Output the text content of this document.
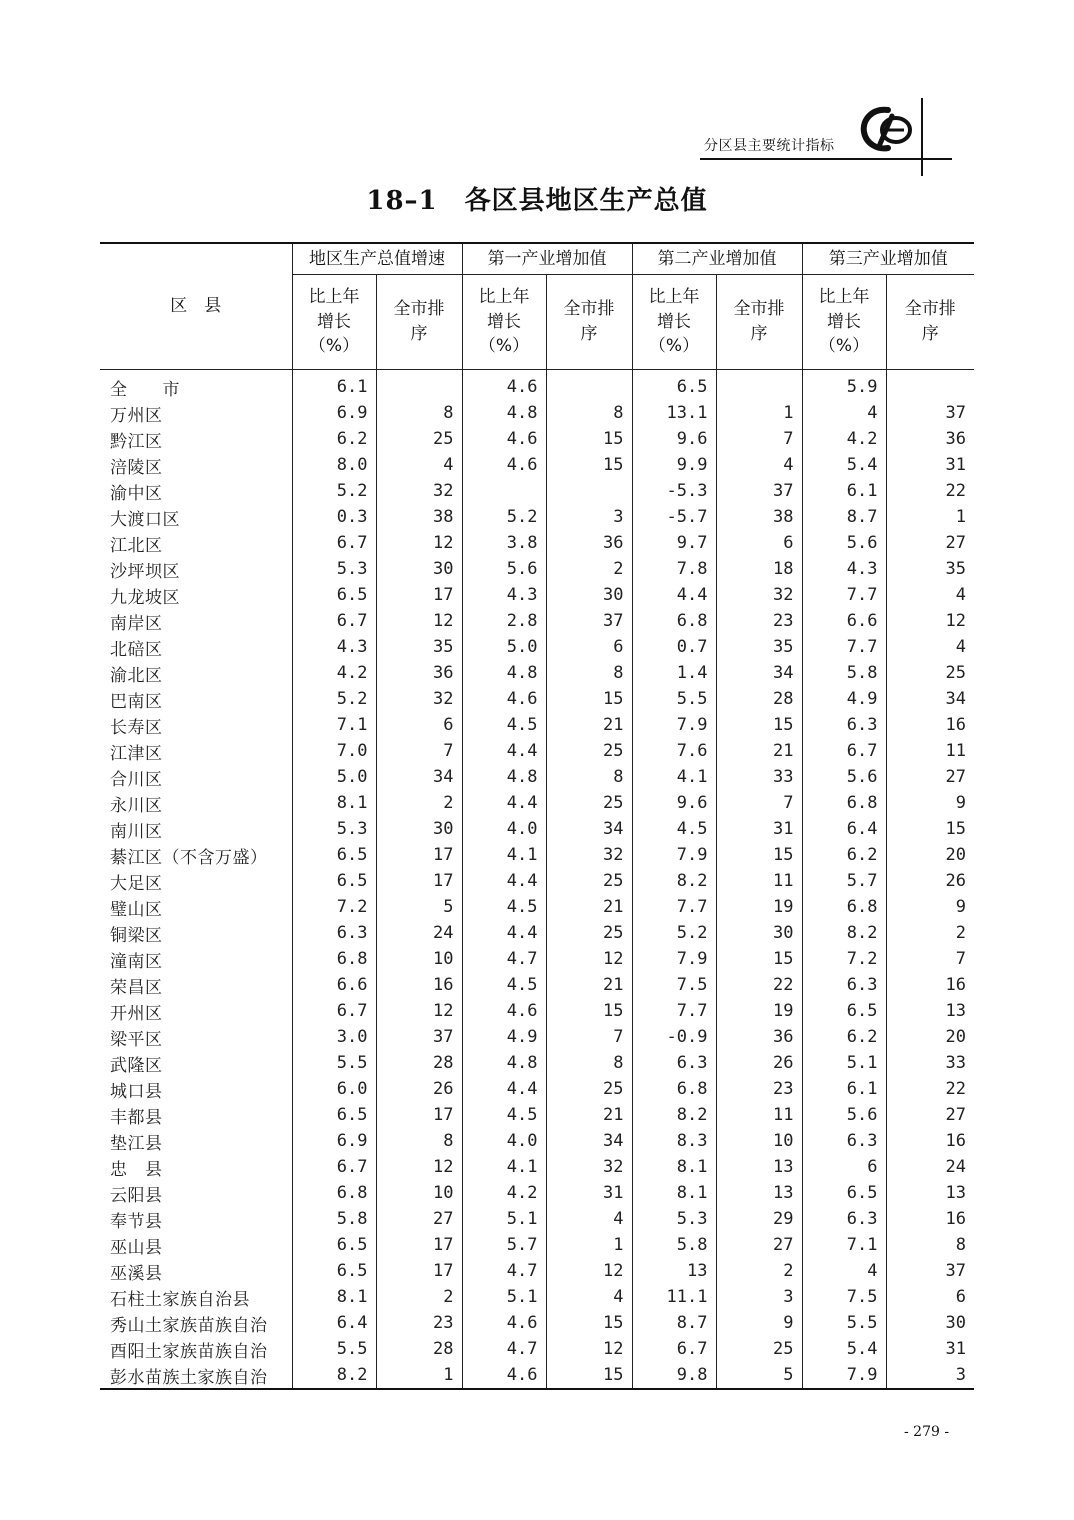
分区县主要统计指标
18–1　各区县地区生产总值
区　县	地区生产总值增速		第一产业增加值		第二产业增加值		第三产业增加值	
	比上年
增长
（%）	全市排
序	比上年
增长
（%）	全市排
序	比上年
增长
（%）	全市排
序	比上年
增长
（%）	全市排
序
全　　市	6.1		4.6		6.5		5.9	
万州区	6.9	8	4.8	8	13.1	1	4	37
黔江区	6.2	25	4.6	15	9.6	7	4.2	36
涪陵区	8.0	4	4.6	15	9.9	4	5.4	31
渝中区	5.2	32			-5.3	37	6.1	22
大渡口区	0.3	38	5.2	3	-5.7	38	8.7	1
江北区	6.7	12	3.8	36	9.7	6	5.6	27
沙坪坝区	5.3	30	5.6	2	7.8	18	4.3	35
九龙坡区	6.5	17	4.3	30	4.4	32	7.7	4
南岸区	6.7	12	2.8	37	6.8	23	6.6	12
北碚区	4.3	35	5.0	6	0.7	35	7.7	4
渝北区	4.2	36	4.8	8	1.4	34	5.8	25
巴南区	5.2	32	4.6	15	5.5	28	4.9	34
长寿区	7.1	6	4.5	21	7.9	15	6.3	16
江津区	7.0	7	4.4	25	7.6	21	6.7	11
合川区	5.0	34	4.8	8	4.1	33	5.6	27
永川区	8.1	2	4.4	25	9.6	7	6.8	9
南川区	5.3	30	4.0	34	4.5	31	6.4	15
綦江区（不含万盛）	6.5	17	4.1	32	7.9	15	6.2	20
大足区	6.5	17	4.4	25	8.2	11	5.7	26
璧山区	7.2	5	4.5	21	7.7	19	6.8	9
铜梁区	6.3	24	4.4	25	5.2	30	8.2	2
潼南区	6.8	10	4.7	12	7.9	15	7.2	7
荣昌区	6.6	16	4.5	21	7.5	22	6.3	16
开州区	6.7	12	4.6	15	7.7	19	6.5	13
梁平区	3.0	37	4.9	7	-0.9	36	6.2	20
武隆区	5.5	28	4.8	8	6.3	26	5.1	33
城口县	6.0	26	4.4	25	6.8	23	6.1	22
丰都县	6.5	17	4.5	21	8.2	11	5.6	27
垫江县	6.9	8	4.0	34	8.3	10	6.3	16
忠　县	6.7	12	4.1	32	8.1	13	6	24
云阳县	6.8	10	4.2	31	8.1	13	6.5	13
奉节县	5.8	27	5.1	4	5.3	29	6.3	16
巫山县	6.5	17	5.7	1	5.8	27	7.1	8
巫溪县	6.5	17	4.7	12	13	2	4	37
石柱土家族自治县	8.1	2	5.1	4	11.1	3	7.5	6
秀山土家族苗族自治	6.4	23	4.6	15	8.7	9	5.5	30
酉阳土家族苗族自治	5.5	28	4.7	12	6.7	25	5.4	31
彭水苗族土家族自治	8.2	1	4.6	15	9.8	5	7.9	3
- 279 -
